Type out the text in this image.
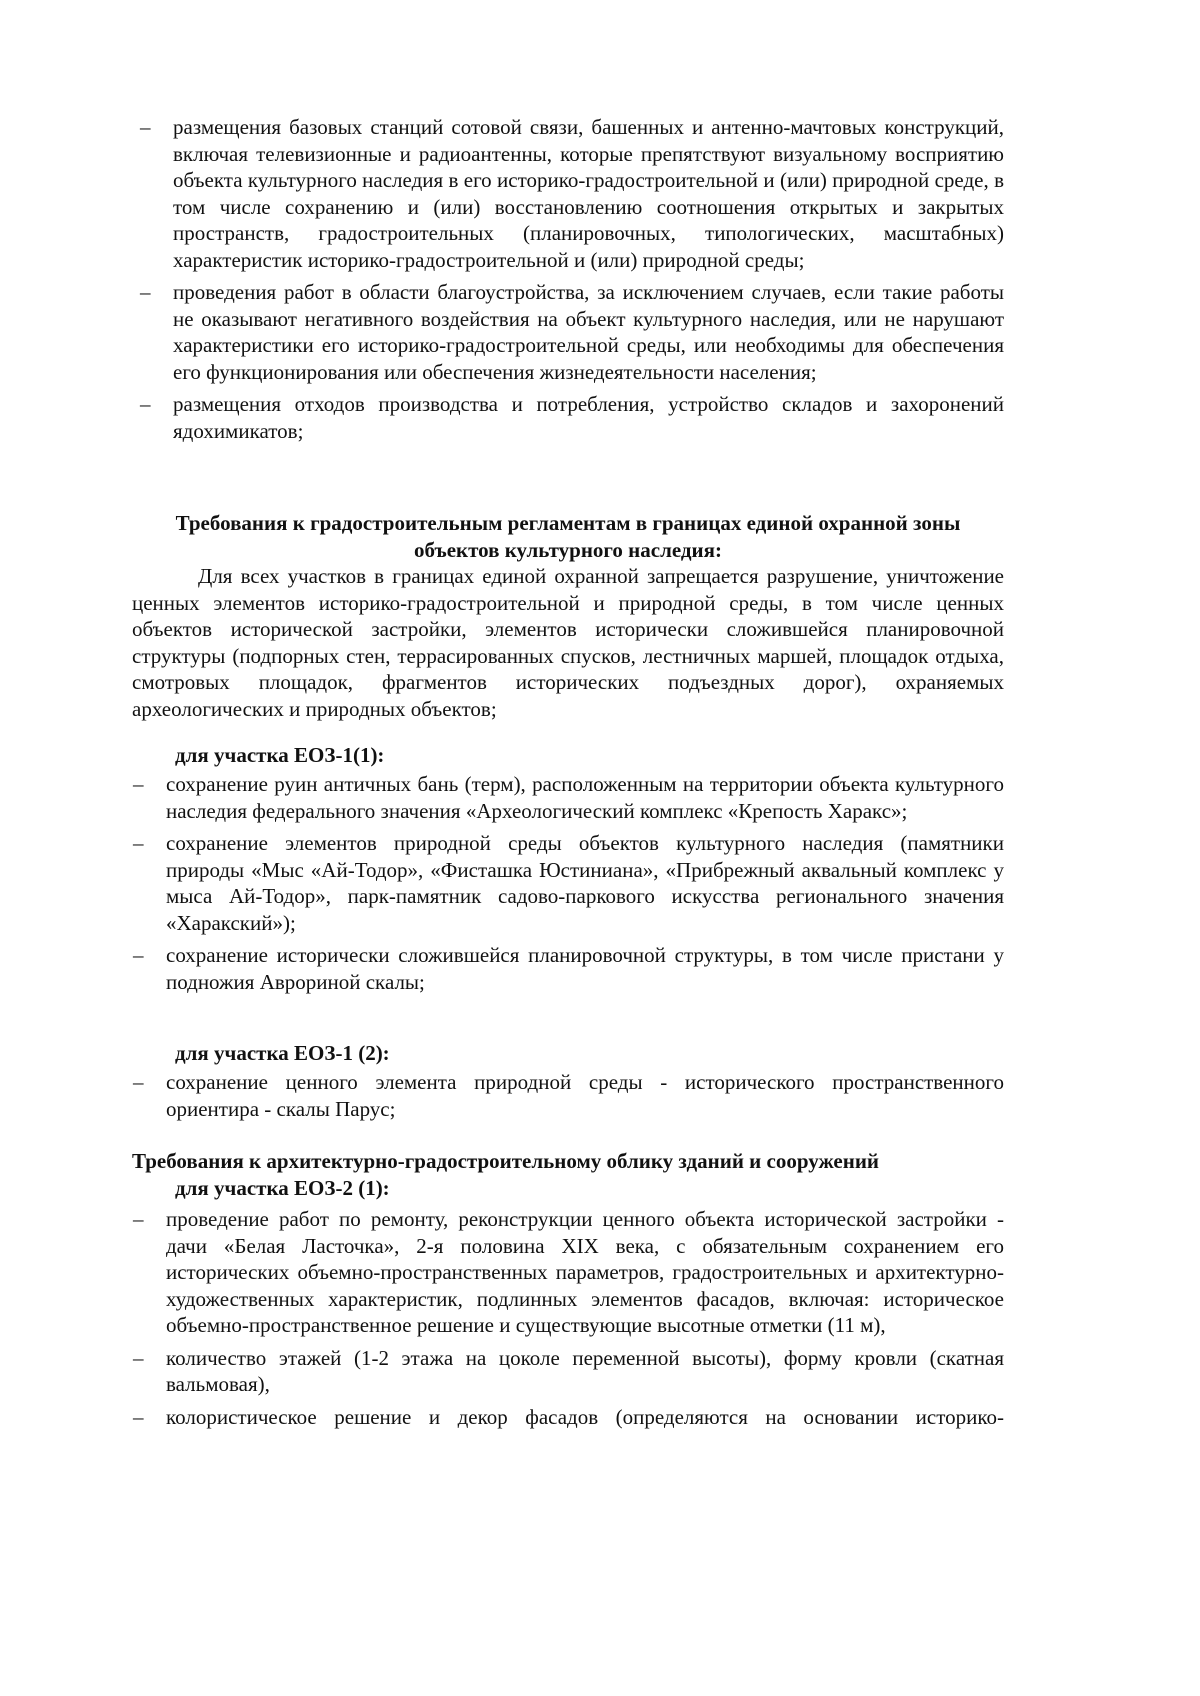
– размещения базовых станций сотовой связи, башенных и антенно-мачтовых конструкций, включая телевизионные и радиоантенны, которые препятствуют визуальному восприятию объекта культурного наследия в его историко-градостроительной и (или) природной среде, в том числе сохранению и (или) восстановлению соотношения открытых и закрытых пространств, градостроительных (планировочных, типологических, масштабных) характеристик историко-градостроительной и (или) природной среды;
– проведения работ в области благоустройства, за исключением случаев, если такие работы не оказывают негативного воздействия на объект культурного наследия, или не нарушают характеристики его историко-градостроительной среды, или необходимы для обеспечения его функционирования или обеспечения жизнедеятельности населения;
– размещения отходов производства и потребления, устройство складов и захоронений ядохимикатов;
Требования к градостроительным регламентам в границах единой охранной зоны
объектов культурного наследия:
Для всех участков в границах единой охранной запрещается разрушение, уничтожение ценных элементов историко-градостроительной и природной среды, в том числе ценных объектов исторической застройки, элементов исторически сложившейся планировочной структуры (подпорных стен, террасированных спусков, лестничных маршей, площадок отдыха, смотровых площадок, фрагментов исторических подъездных дорог), охраняемых археологических и природных объектов;
для участка ЕОЗ-1(1):
– сохранение руин античных бань (терм), расположенным на территории объекта культурного наследия федерального значения «Археологический комплекс «Крепость Харакс»;
– сохранение элементов природной среды объектов культурного наследия (памятники природы «Мыс «Ай-Тодор», «Фисташка Юстиниана», «Прибрежный аквальный комплекс у мыса Ай-Тодор», парк-памятник садово-паркового искусства регионального значения «Харакский»);
– сохранение исторически сложившейся планировочной структуры, в том числе пристани у подножия Аврориной скалы;
для участка ЕОЗ-1 (2):
– сохранение ценного элемента природной среды - исторического пространственного ориентира - скалы Парус;
Требования к архитектурно-градостроительному облику зданий и сооружений
для участка ЕОЗ-2 (1):
– проведение работ по ремонту, реконструкции ценного объекта исторической застройки - дачи «Белая Ласточка», 2-я половина XIX века, с обязательным сохранением его исторических объемно-пространственных параметров, градостроительных и архитектурно-художественных характеристик, подлинных элементов фасадов, включая: историческое объемно-пространственное решение и существующие высотные отметки (11 м),
– количество этажей (1-2 этажа на цоколе переменной высоты), форму кровли (скатная вальмовая),
– колористическое решение и декор фасадов (определяются на основании историко-
